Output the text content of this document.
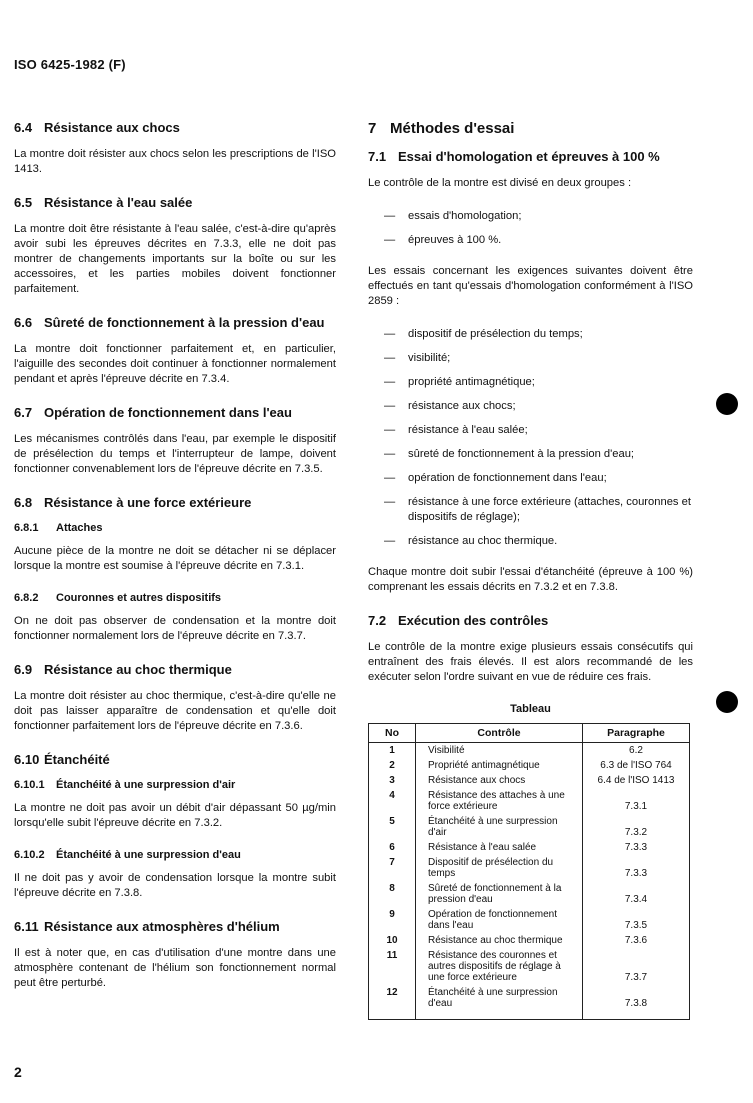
ISO 6425-1982 (F)
6.4 Résistance aux chocs

La montre doit résister aux chocs selon les prescriptions de l'ISO 1413.

6.5 Résistance à l'eau salée

La montre doit être résistante à l'eau salée, c'est-à-dire qu'après avoir subi les épreuves décrites en 7.3.3, elle ne doit pas montrer de changements importants sur la boîte ou sur les accessoires, et les parties mobiles doivent fonctionner parfaitement.

6.6 Sûreté de fonctionnement à la pression d'eau

La montre doit fonctionner parfaitement et, en particulier, l'aiguille des secondes doit continuer à fonctionner normalement pendant et après l'épreuve décrite en 7.3.4.

6.7 Opération de fonctionnement dans l'eau

Les mécanismes contrôlés dans l'eau, par exemple le dispositif de présélection du temps et l'interrupteur de lampe, doivent fonctionner convenablement lors de l'épreuve décrite en 7.3.5.

6.8 Résistance à une force extérieure
6.8.1 Attaches

Aucune pièce de la montre ne doit se détacher ni se déplacer lorsque la montre est soumise à l'épreuve décrite en 7.3.1.

6.8.2 Couronnes et autres dispositifs

On ne doit pas observer de condensation et la montre doit fonctionner normalement lors de l'épreuve décrite en 7.3.7.

6.9 Résistance au choc thermique

La montre doit résister au choc thermique, c'est-à-dire qu'elle ne doit pas laisser apparaître de condensation et qu'elle doit fonctionner parfaitement lors de l'épreuve décrite en 7.3.6.

6.10 Étanchéité
6.10.1 Étanchéité à une surpression d'air

La montre ne doit pas avoir un débit d'air dépassant 50 µg/min lorsqu'elle subit l'épreuve décrite en 7.3.2.

6.10.2 Étanchéité à une surpression d'eau

Il ne doit pas y avoir de condensation lorsque la montre subit l'épreuve décrite en 7.3.8.

6.11 Résistance aux atmosphères d'hélium

Il est à noter que, en cas d'utilisation d'une montre dans une atmosphère contenant de l'hélium son fonctionnement normal peut être perturbé.

7 Méthodes d'essai
7.1 Essai d'homologation et épreuves à 100 %

Le contrôle de la montre est divisé en deux groupes :

— essais d'homologation;
— épreuves à 100 %.

Les essais concernant les exigences suivantes doivent être effectués en tant qu'essais d'homologation conformément à l'ISO 2859 :

— dispositif de présélection du temps;
— visibilité;
— propriété antimagnétique;
— résistance aux chocs;
— résistance à l'eau salée;
— sûreté de fonctionnement à la pression d'eau;
— opération de fonctionnement dans l'eau;
— résistance à une force extérieure (attaches, couronnes et dispositifs de réglage);
— résistance au choc thermique.

Chaque montre doit subir l'essai d'étanchéité (épreuve à 100 %) comprenant les essais décrits en 7.3.2 et en 7.3.8.

7.2 Exécution des contrôles

Le contrôle de la montre exige plusieurs essais consécutifs qui entraînent des frais élevés. Il est alors recommandé de les exécuter selon l'ordre suivant en vue de réduire ces frais.

Tableau
No	Contrôle	Paragraphe
1	Visibilité	6.2
2	Propriété antimagnétique	6.3 de l'ISO 764
3	Résistance aux chocs	6.4 de l'ISO 1413
4	Résistance des attaches à une force extérieure	7.3.1
5	Étanchéité à une surpression d'air	7.3.2
6	Résistance à l'eau salée	7.3.3
7	Dispositif de présélection du temps	7.3.3
8	Sûreté de fonctionnement à la pression d'eau	7.3.4
9	Opération de fonctionnement dans l'eau	7.3.5
10	Résistance au choc thermique	7.3.6
11	Résistance des couronnes et autres dispositifs de réglage à une force extérieure	7.3.7
12	Étanchéité à une surpression d'eau	7.3.8

2
